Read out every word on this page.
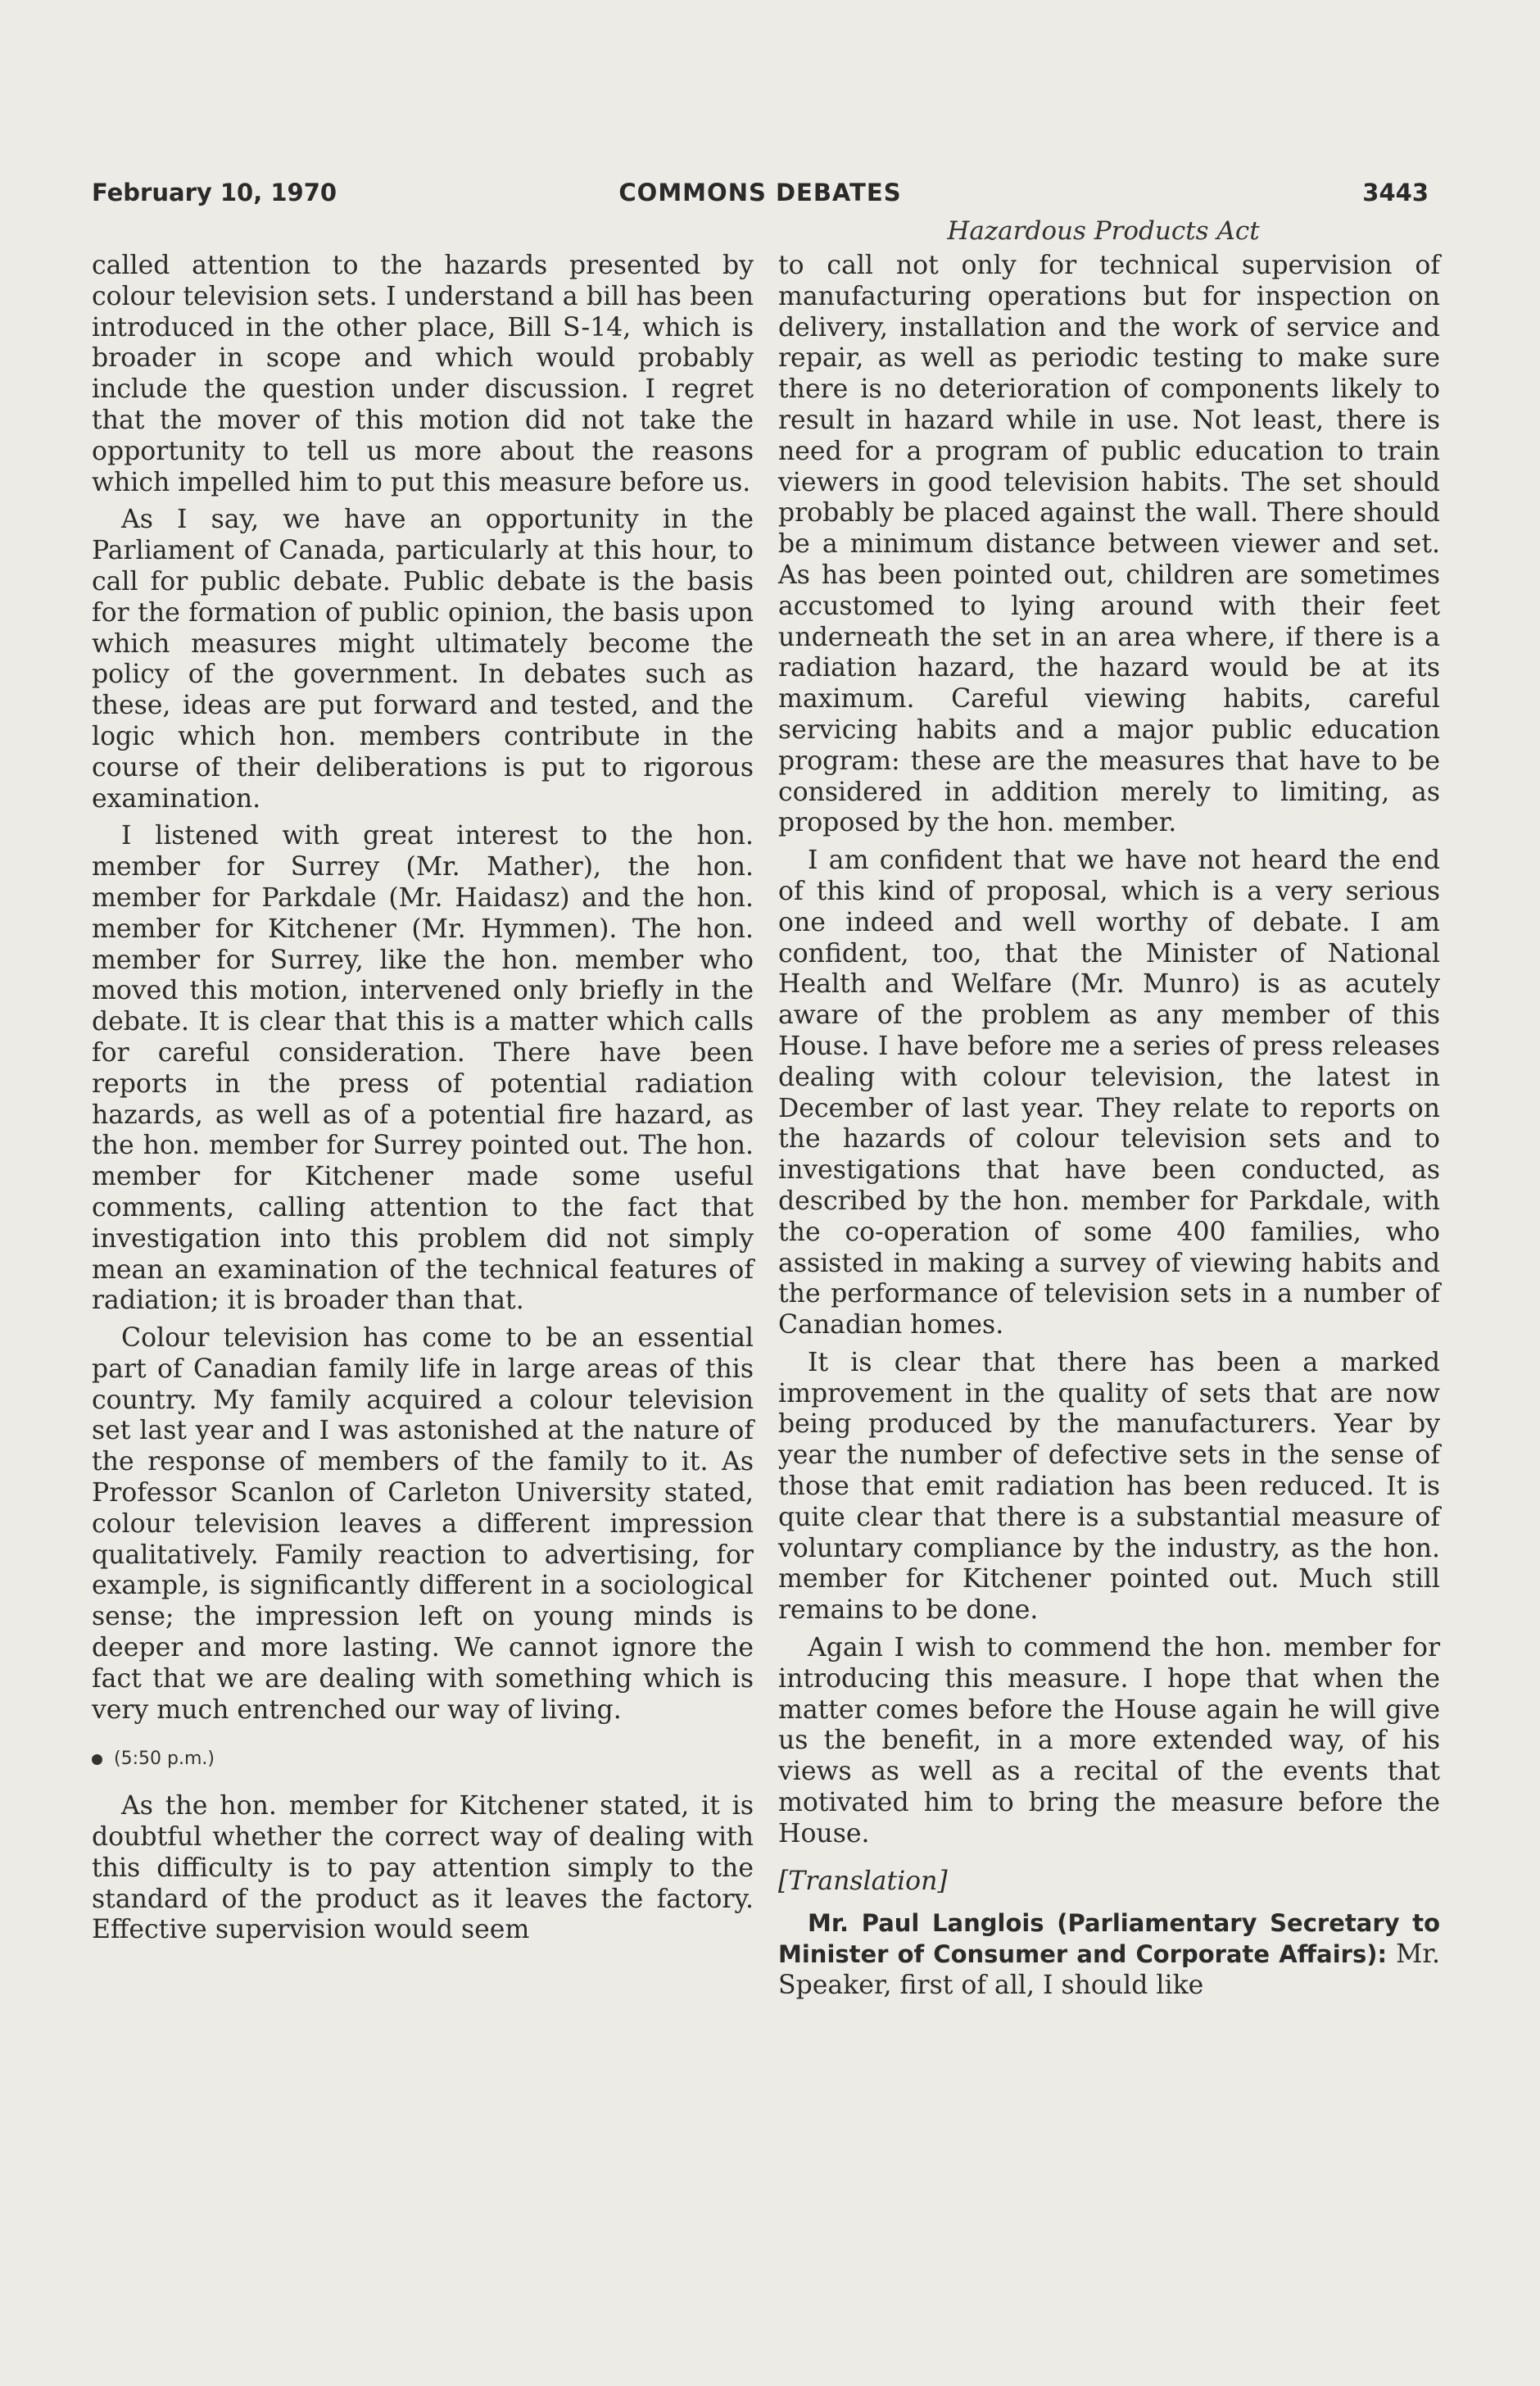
February 10, 1970	COMMONS DEBATES	3443
Hazardous Products Act

called attention to the hazards presented by colour television sets. I understand a bill has been introduced in the other place, Bill S-14, which is broader in scope and which would probably include the question under discussion. I regret that the mover of this motion did not take the opportunity to tell us more about the reasons which impelled him to put this measure before us.

As I say, we have an opportunity in the Parliament of Canada, particularly at this hour, to call for public debate. Public debate is the basis for the formation of public opinion, the basis upon which measures might ultimately become the policy of the government. In debates such as these, ideas are put forward and tested, and the logic which hon. members contribute in the course of their deliberations is put to rigorous examination.

I listened with great interest to the hon. member for Surrey (Mr. Mather), the hon. member for Parkdale (Mr. Haidasz) and the hon. member for Kitchener (Mr. Hymmen). The hon. member for Surrey, like the hon. member who moved this motion, intervened only briefly in the debate. It is clear that this is a matter which calls for careful consideration. There have been reports in the press of potential radiation hazards, as well as of a potential fire hazard, as the hon. member for Surrey pointed out. The hon. member for Kitchener made some useful comments, calling attention to the fact that investigation into this problem did not simply mean an examination of the technical features of radiation; it is broader than that.

Colour television has come to be an essential part of Canadian family life in large areas of this country. My family acquired a colour television set last year and I was astonished at the nature of the response of members of the family to it. As Professor Scanlon of Carleton University stated, colour television leaves a different impression qualitatively. Family reaction to advertising, for example, is significantly different in a sociological sense; the impression left on young minds is deeper and more lasting. We cannot ignore the fact that we are dealing with something which is very much entrenched our way of living.

(5:50 p.m.)

As the hon. member for Kitchener stated, it is doubtful whether the correct way of dealing with this difficulty is to pay attention simply to the standard of the product as it leaves the factory. Effective supervision would seem

to call not only for technical supervision of manufacturing operations but for inspection on delivery, installation and the work of service and repair, as well as periodic testing to make sure there is no deterioration of components likely to result in hazard while in use. Not least, there is need for a program of public education to train viewers in good television habits. The set should probably be placed against the wall. There should be a minimum distance between viewer and set. As has been pointed out, children are sometimes accustomed to lying around with their feet underneath the set in an area where, if there is a radiation hazard, the hazard would be at its maximum. Careful viewing habits, careful servicing habits and a major public education program: these are the measures that have to be considered in addition merely to limiting, as proposed by the hon. member.

I am confident that we have not heard the end of this kind of proposal, which is a very serious one indeed and well worthy of debate. I am confident, too, that the Minister of National Health and Welfare (Mr. Munro) is as acutely aware of the problem as any member of this House. I have before me a series of press releases dealing with colour television, the latest in December of last year. They relate to reports on the hazards of colour television sets and to investigations that have been conducted, as described by the hon. member for Parkdale, with the co-operation of some 400 families, who assisted in making a survey of viewing habits and the performance of television sets in a number of Canadian homes.

It is clear that there has been a marked improvement in the quality of sets that are now being produced by the manufacturers. Year by year the number of defective sets in the sense of those that emit radiation has been reduced. It is quite clear that there is a substantial measure of voluntary compliance by the industry, as the hon. member for Kitchener pointed out. Much still remains to be done.

Again I wish to commend the hon. member for introducing this measure. I hope that when the matter comes before the House again he will give us the benefit, in a more extended way, of his views as well as a recital of the events that motivated him to bring the measure before the House.

[Translation]

Mr. Paul Langlois (Parliamentary Secretary to Minister of Consumer and Corporate Affairs): Mr. Speaker, first of all, I should like
